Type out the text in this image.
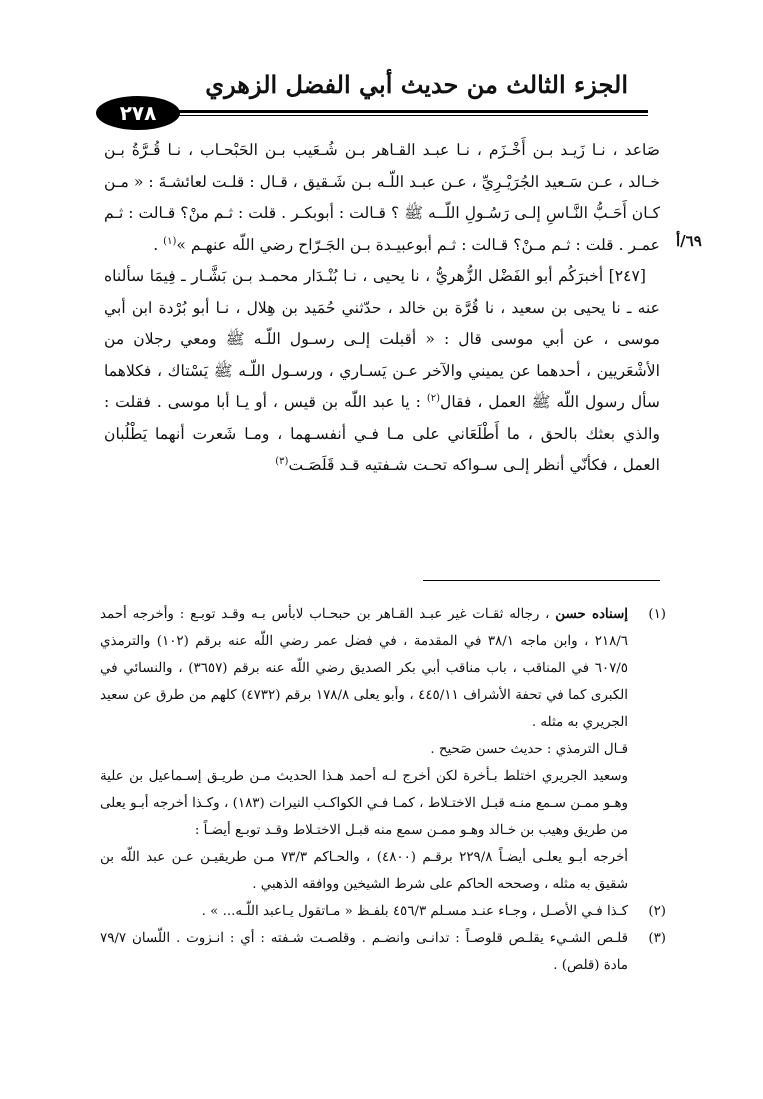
الجزء الثالث من حديث أبي الفضل الزهري
٢٧٨
٦٩/أ

صَاعد ، نـا زَيـد بـن أَخْـزَم ، نـا عبـد القـاهر بـن شُـعَيب بـن الحَبْحـاب ، نـا قُـرَّةُ بـن خـالد ، عـن سَـعيد الجُرَيْـرِيِّ ، عـن عبـد اللّـه بـن شَـقيق ، قـال : قلـت لعائشـةَ : « مـن كـان أَحَـبُّ النَّـاسِ إلـى رَسُـولِ اللّــه ﷺ ؟ قـالت : أبوبكـر . قلت : ثـم منْ؟ قـالت : ثـم عمـر . قلت : ثـم مـنْ؟ قـالت : ثـم أبوعبيـدة بـن الجَـرّاح رضي اللّه عنهـم »$^{(١)}$ .

[٢٤٧] أخبرَكُم أبو الفَضْل الزُّهريُّ ، نا يحيى ، نـا بُنْـدَار محمـد بـن بَشَّـار ـ فِيمَا سألناه عنه ـ نا يحيى بن سعيد ، نا قُرَّة بن خالد ، حدّثني حُمَيد بن هِلال ، نـا أبو بُرْدة ابن أبي موسى ، عن أبي موسى قال : « أقبلت إلـى رسـول اللّـه ﷺ ومعي رجلان من الأشْعَريين ، أحدهما عن يميني والآخر عـن يَسـاري ، ورسـول اللّـه ﷺ يَسْتاك ، فكلاهما سأل رسول اللّه ﷺ العمل ، فقال$^{(٢)}$ : يا عبد اللّه بن قيس ، أو يـا أبا موسى . فقلت : والذي بعثك بالحق ، ما أَطْلَعَاني على مـا فـي أنفسـهما ، ومـا شَعرت أنهما يَطْلُبان العمل ، فكأنّي أنظر إلـى سـواكه تحـت شـفتيه قـد قَلَصَـت$^{(٣)}$

(١)

إسناده حسن ، رجاله ثقـات غير عبـد القـاهر بن حبحـاب لابأس بـه وقـد توبـع : وأخرجه أحمد ٢١٨/٦ ، وابن ماجه ٣٨/١ في المقدمة ، في فضل عمر رضي اللّه عنه برقم (١٠٢) والترمذي ٦٠٧/٥ في المناقب ، باب مناقب أبي بكر الصديق رضي اللّه عنه برقم (٣٦٥٧) ، والنسائي في الكبرى كما في تحفة الأشراف ٤٤٥/١١ ، وأبو يعلى ١٧٨/٨ برقم (٤٧٣٢) كلهم من طرق عن سعيد الجريري به مثله .

قـال الترمذي : حديث حسن صَحيح .

وسعيد الجريري اختلط بـأخرة لكن أخرج لـه أحمد هـذا الحديث مـن طريـق إسـماعيل بن علية وهـو ممـن سـمع منـه قبـل الاختـلاط ، كمـا فـي الكواكـب النيرات (١٨٣) ، وكـذا أخرجه أبـو يعلى من طريق وهيب بن خـالد وهـو ممـن سمع منه قبـل الاختـلاط وقـد توبـع أيضـاً :

أخرجه أبـو يعلـى أيضـاً ٢٢٩/٨ برقـم (٤٨٠٠) ، والحـاكم ٧٣/٣ مـن طريقيـن عـن عبد اللّه بن شقيق به مثله ، وصححه الحاكم على شرط الشيخين ووافقه الذهبي .

(٢)

كـذا فـي الأصـل ، وجـاء عنـد مسـلم ٤٥٦/٣ بلفـظ « مـاتقول يـاعبد اللّـه... » .

(٣)

قلـص الشـيء يقلـص قلوصـاً : تدانـى وانضـم . وقلصـت شـفته : أي : انـزوت . اللّسان ٧٩/٧ مادة (قلص) .
